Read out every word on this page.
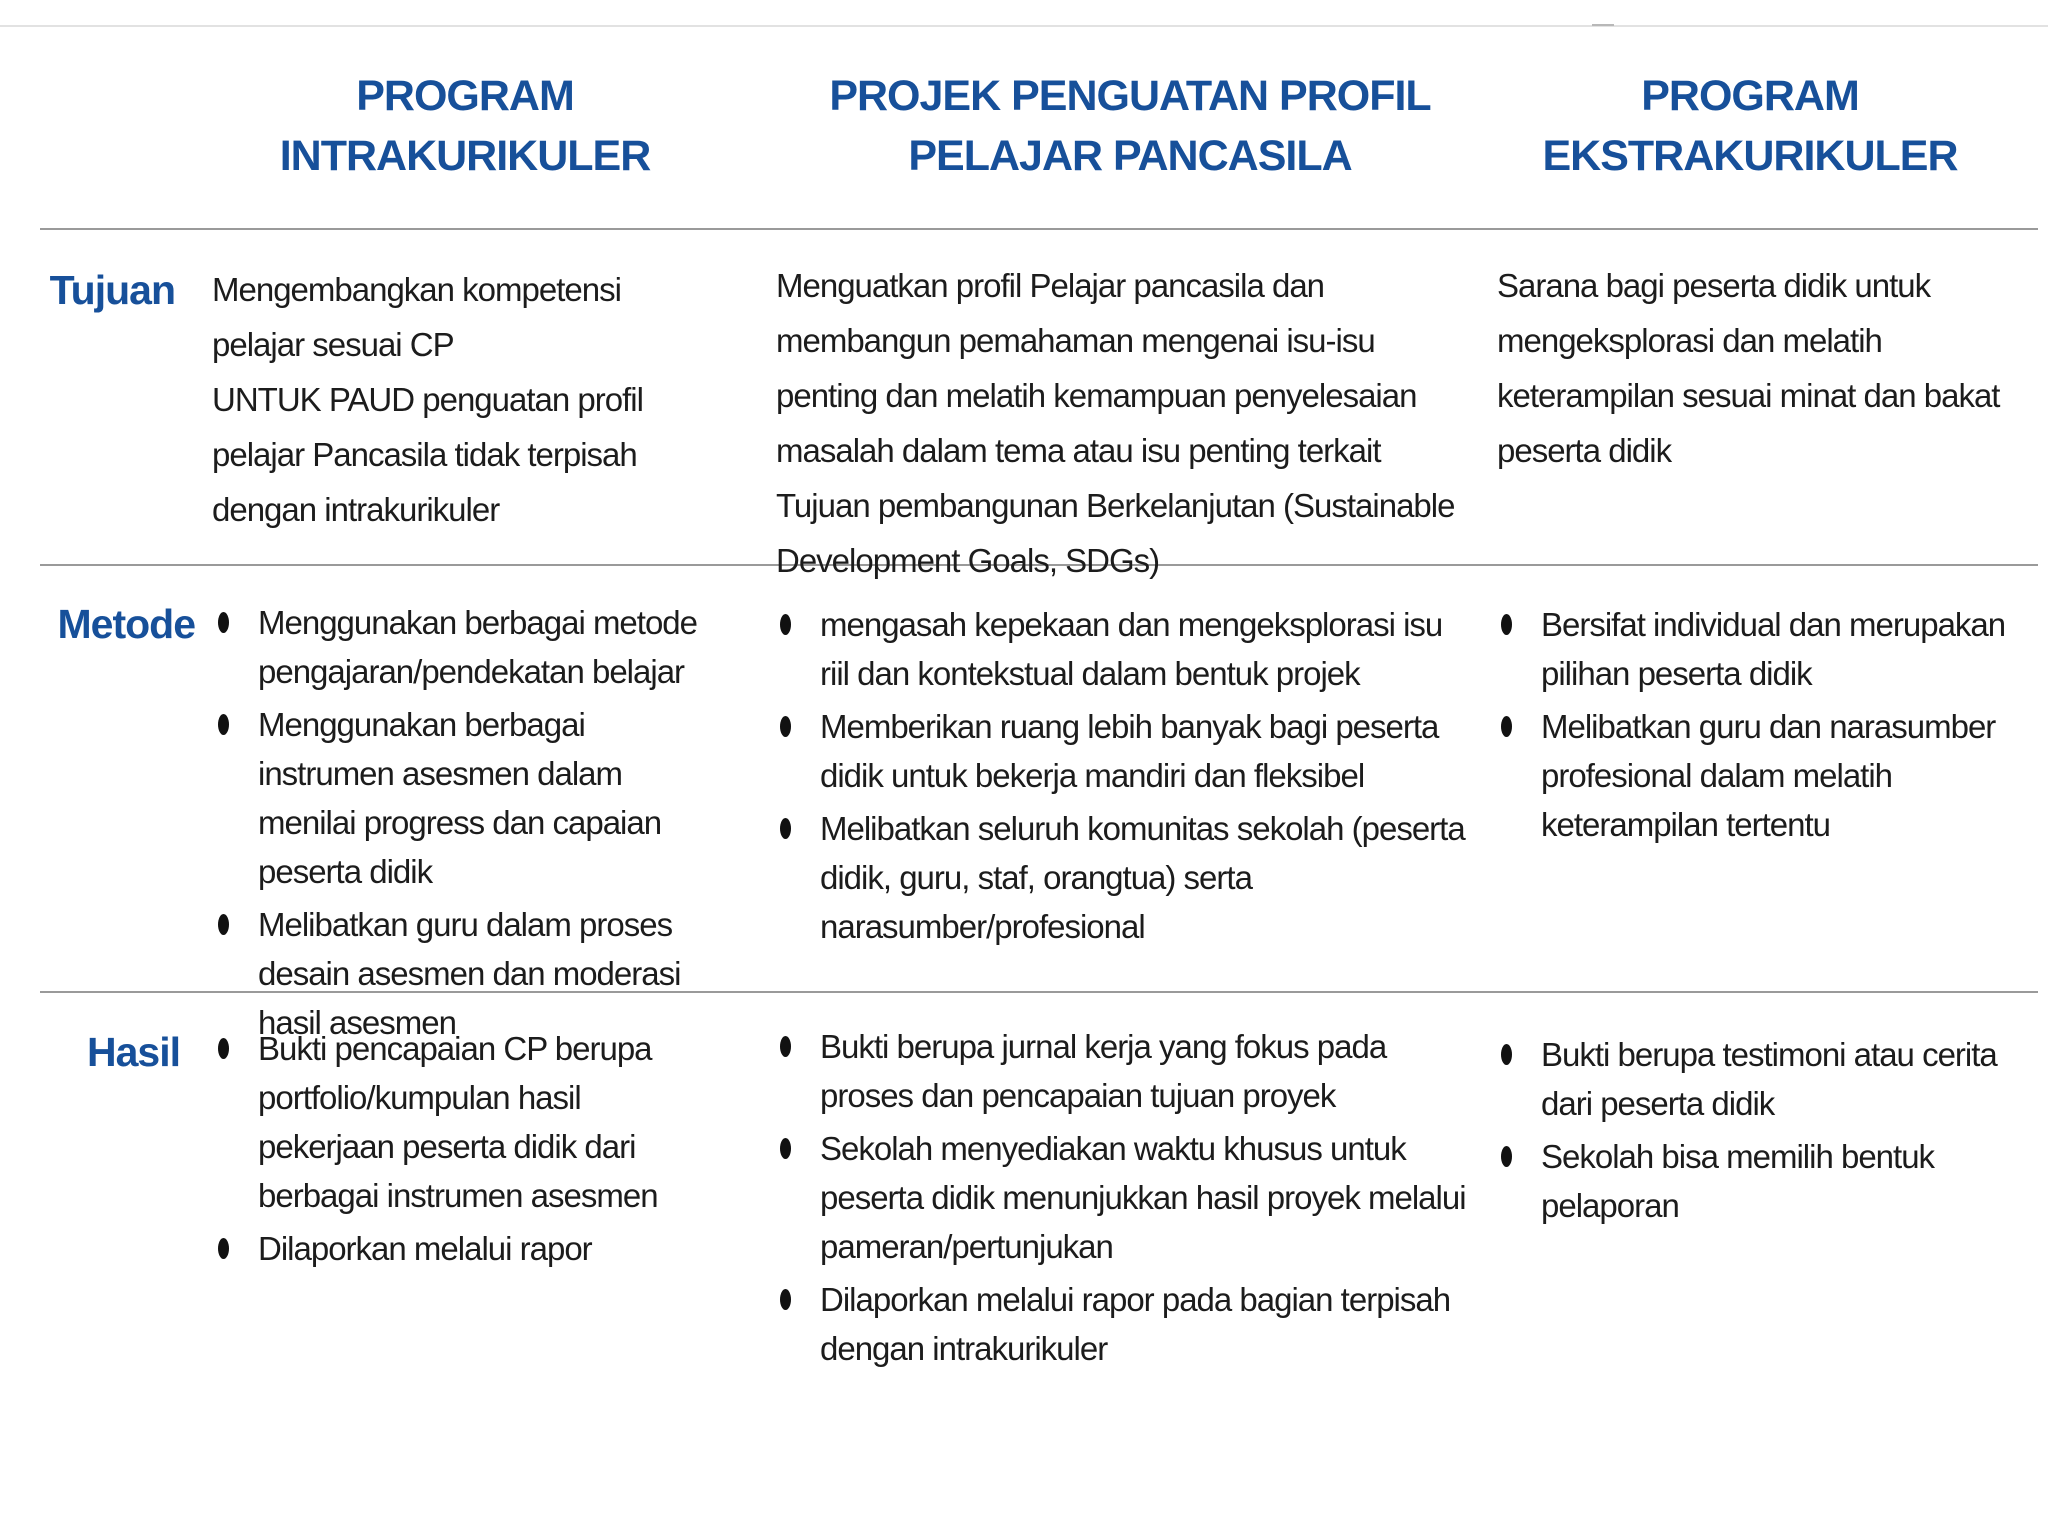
PROGRAM INTRAKURIKULER
PROJEK PENGUATAN PROFIL PELAJAR PANCASILA
PROGRAM EKSTRAKURIKULER
Tujuan Mengembangkan kompetensi pelajar sesuai CP

UNTUK PAUD penguatan profil pelajar Pancasila tidak terpisah dengan intrakurikuler

Menguatkan profil Pelajar pancasila dan membangun pemahaman mengenai isu-isu penting dan melatih kemampuan penyelesaian masalah dalam tema atau isu penting terkait Tujuan pembangunan Berkelanjutan (Sustainable Development Goals, SDGs)

Sarana bagi peserta didik untuk mengeksplorasi dan melatih keterampilan sesuai minat dan bakat peserta didik

Metode	Menggunakan berbagai metode pengajaran/pendekatan belajar
Menggunakan berbagai instrumen asesmen dalam menilai progress dan capaian peserta didik
Melibatkan guru dalam proses desain asesmen dan moderasi hasil asesmen
mengasah kepekaan dan mengeksplorasi isu riil dan kontekstual dalam bentuk projek
Memberikan ruang lebih banyak bagi peserta didik untuk bekerja mandiri dan fleksibel
Melibatkan seluruh komunitas sekolah (peserta didik, guru, staf, orangtua) serta narasumber/profesional
Bersifat individual dan merupakan pilihan peserta didik
Melibatkan guru dan narasumber profesional dalam melatih keterampilan tertentu
Hasil	Bukti pencapaian CP berupa portfolio/kumpulan hasil pekerjaan peserta didik dari berbagai instrumen asesmen
Dilaporkan melalui rapor
Bukti berupa jurnal kerja yang fokus pada proses dan pencapaian tujuan proyek
Sekolah menyediakan waktu khusus untuk peserta didik menunjukkan hasil proyek melalui pameran/pertunjukan
Dilaporkan melalui rapor pada bagian terpisah dengan intrakurikuler
Bukti berupa testimoni atau cerita dari peserta didik
Sekolah bisa memilih bentuk pelaporan
